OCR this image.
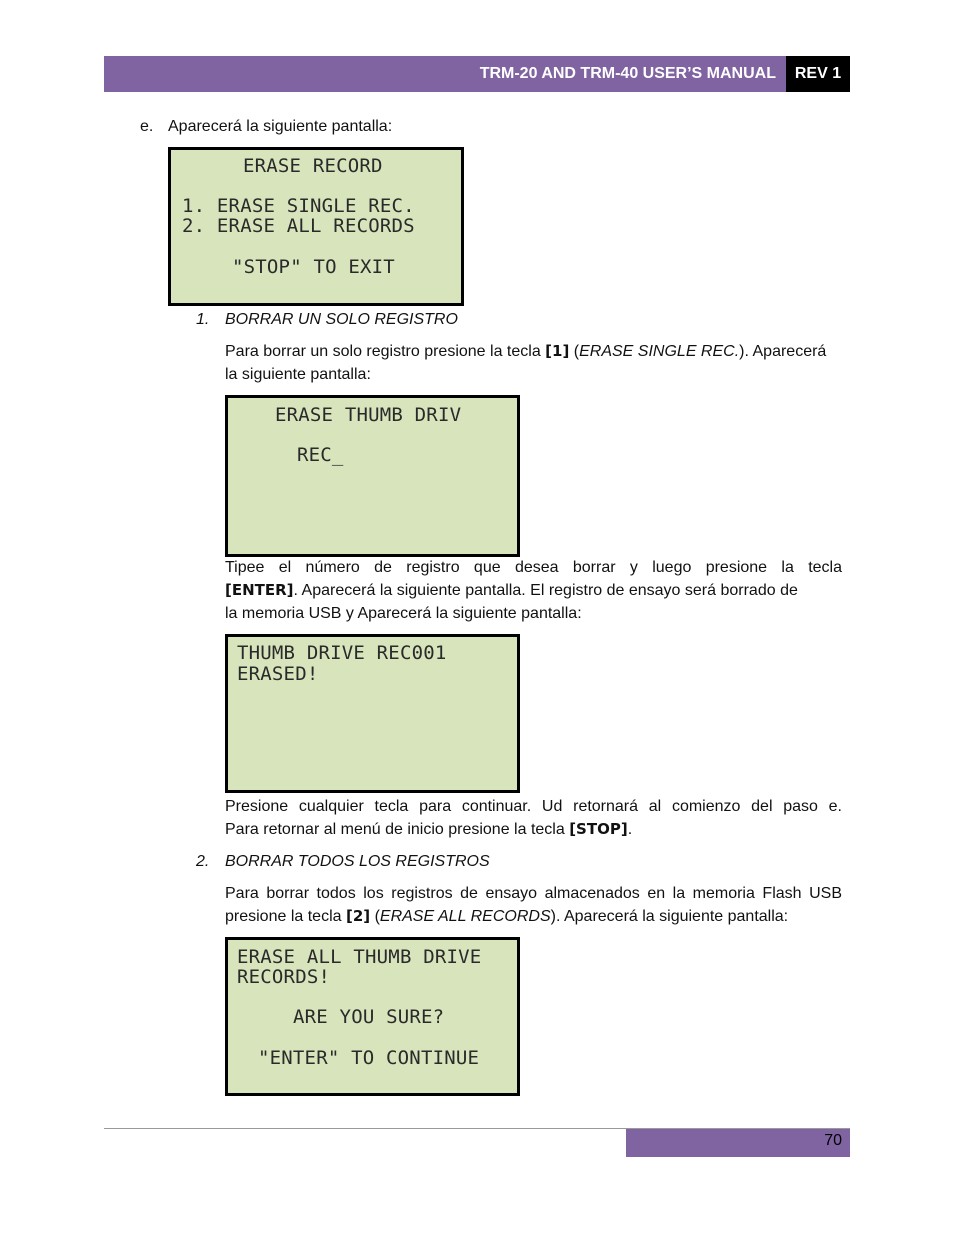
TRM-20 AND TRM-40 USER’S MANUAL	REV 1
e. Aparecerá la siguiente pantalla:
ERASE RECORD
1. ERASE SINGLE REC.
2. ERASE ALL RECORDS
"STOP" TO EXIT
1. BORRAR UN SOLO REGISTRO
Para borrar un solo registro presione la tecla [1] (ERASE SINGLE REC.). Aparecerá
la siguiente pantalla:
ERASE THUMB DRIV
REC_
Tipee el número de registro que desea borrar y luego presione la tecla
[ENTER]. Aparecerá la siguiente pantalla. El registro de ensayo será borrado de
la memoria USB y Aparecerá la siguiente pantalla:
THUMB DRIVE REC001
ERASED!
Presione cualquier tecla para continuar. Ud retornará al comienzo del paso e.
Para retornar al menú de inicio presione la tecla [STOP].
2. BORRAR TODOS LOS REGISTROS
Para borrar todos los registros de ensayo almacenados en la memoria Flash USB
presione la tecla [2] (ERASE ALL RECORDS). Aparecerá la siguiente pantalla:
ERASE ALL THUMB DRIVE
RECORDS!
ARE YOU SURE?
"ENTER" TO CONTINUE
70
